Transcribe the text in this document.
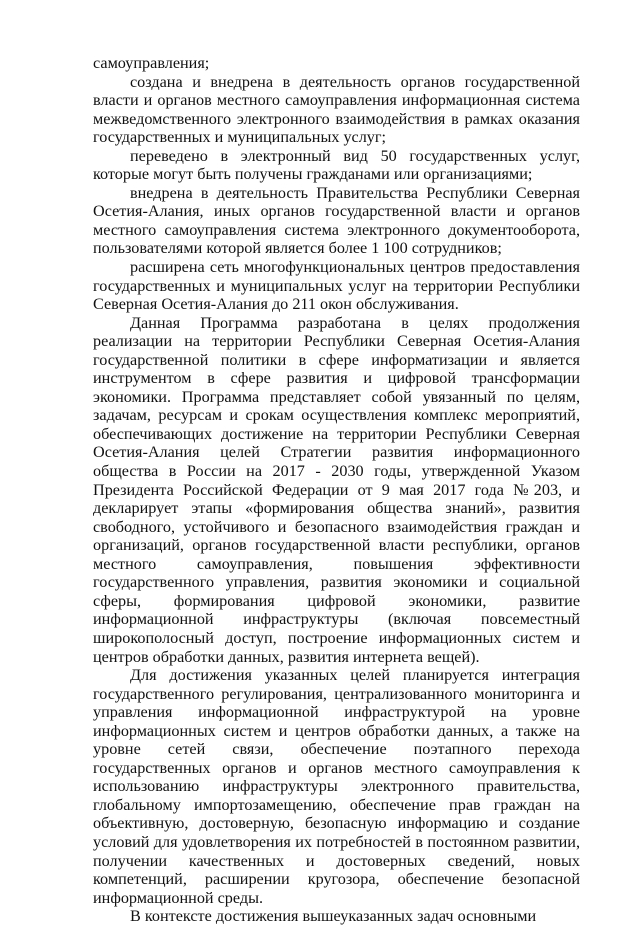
самоуправления;

создана и внедрена в деятельность органов государственной власти и органов местного самоуправления информационная система межведомственного электронного взаимодействия в рамках оказания государственных и муниципальных услуг;

переведено в электронный вид 50 государственных услуг, которые могут быть получены гражданами или организациями;

внедрена в деятельность Правительства Республики Северная Осетия-Алания, иных органов государственной власти и органов местного самоуправления система электронного документооборота, пользователями которой является более 1 100 сотрудников;

расширена сеть многофункциональных центров предоставления государственных и муниципальных услуг на территории Республики Северная Осетия-Алания до 211 окон обслуживания.

Данная Программа разработана в целях продолжения реализации на территории Республики Северная Осетия-Алания государственной политики в сфере информатизации и является инструментом в сфере развития и цифровой трансформации экономики. Программа представляет собой увязанный по целям, задачам, ресурсам и срокам осуществления комплекс мероприятий, обеспечивающих достижение на территории Республики Северная Осетия-Алания целей Стратегии развития информационного общества в России на 2017 - 2030 годы, утвержденной Указом Президента Российской Федерации от 9 мая 2017 года №203, и декларирует этапы «формирования общества знаний», развития свободного, устойчивого и безопасного взаимодействия граждан и организаций, органов государственной власти республики, органов местного самоуправления, повышения эффективности государственного управления, развития экономики и социальной сферы, формирования цифровой экономики, развитие информационной инфраструктуры (включая повсеместный широкополосный доступ, построение информационных систем и центров обработки данных, развития интернета вещей).

Для достижения указанных целей планируется интеграция государственного регулирования, централизованного мониторинга и управления информационной инфраструктурой на уровне информационных систем и центров обработки данных, а также на уровне сетей связи, обеспечение поэтапного перехода государственных органов и органов местного самоуправления к использованию инфраструктуры электронного правительства, глобальному импортозамещению, обеспечение прав граждан на объективную, достоверную, безопасную информацию и создание условий для удовлетворения их потребностей в постоянном развитии, получении качественных и достоверных сведений, новых компетенций, расширении кругозора, обеспечение безопасной информационной среды.

В контексте достижения вышеуказанных задач основными
